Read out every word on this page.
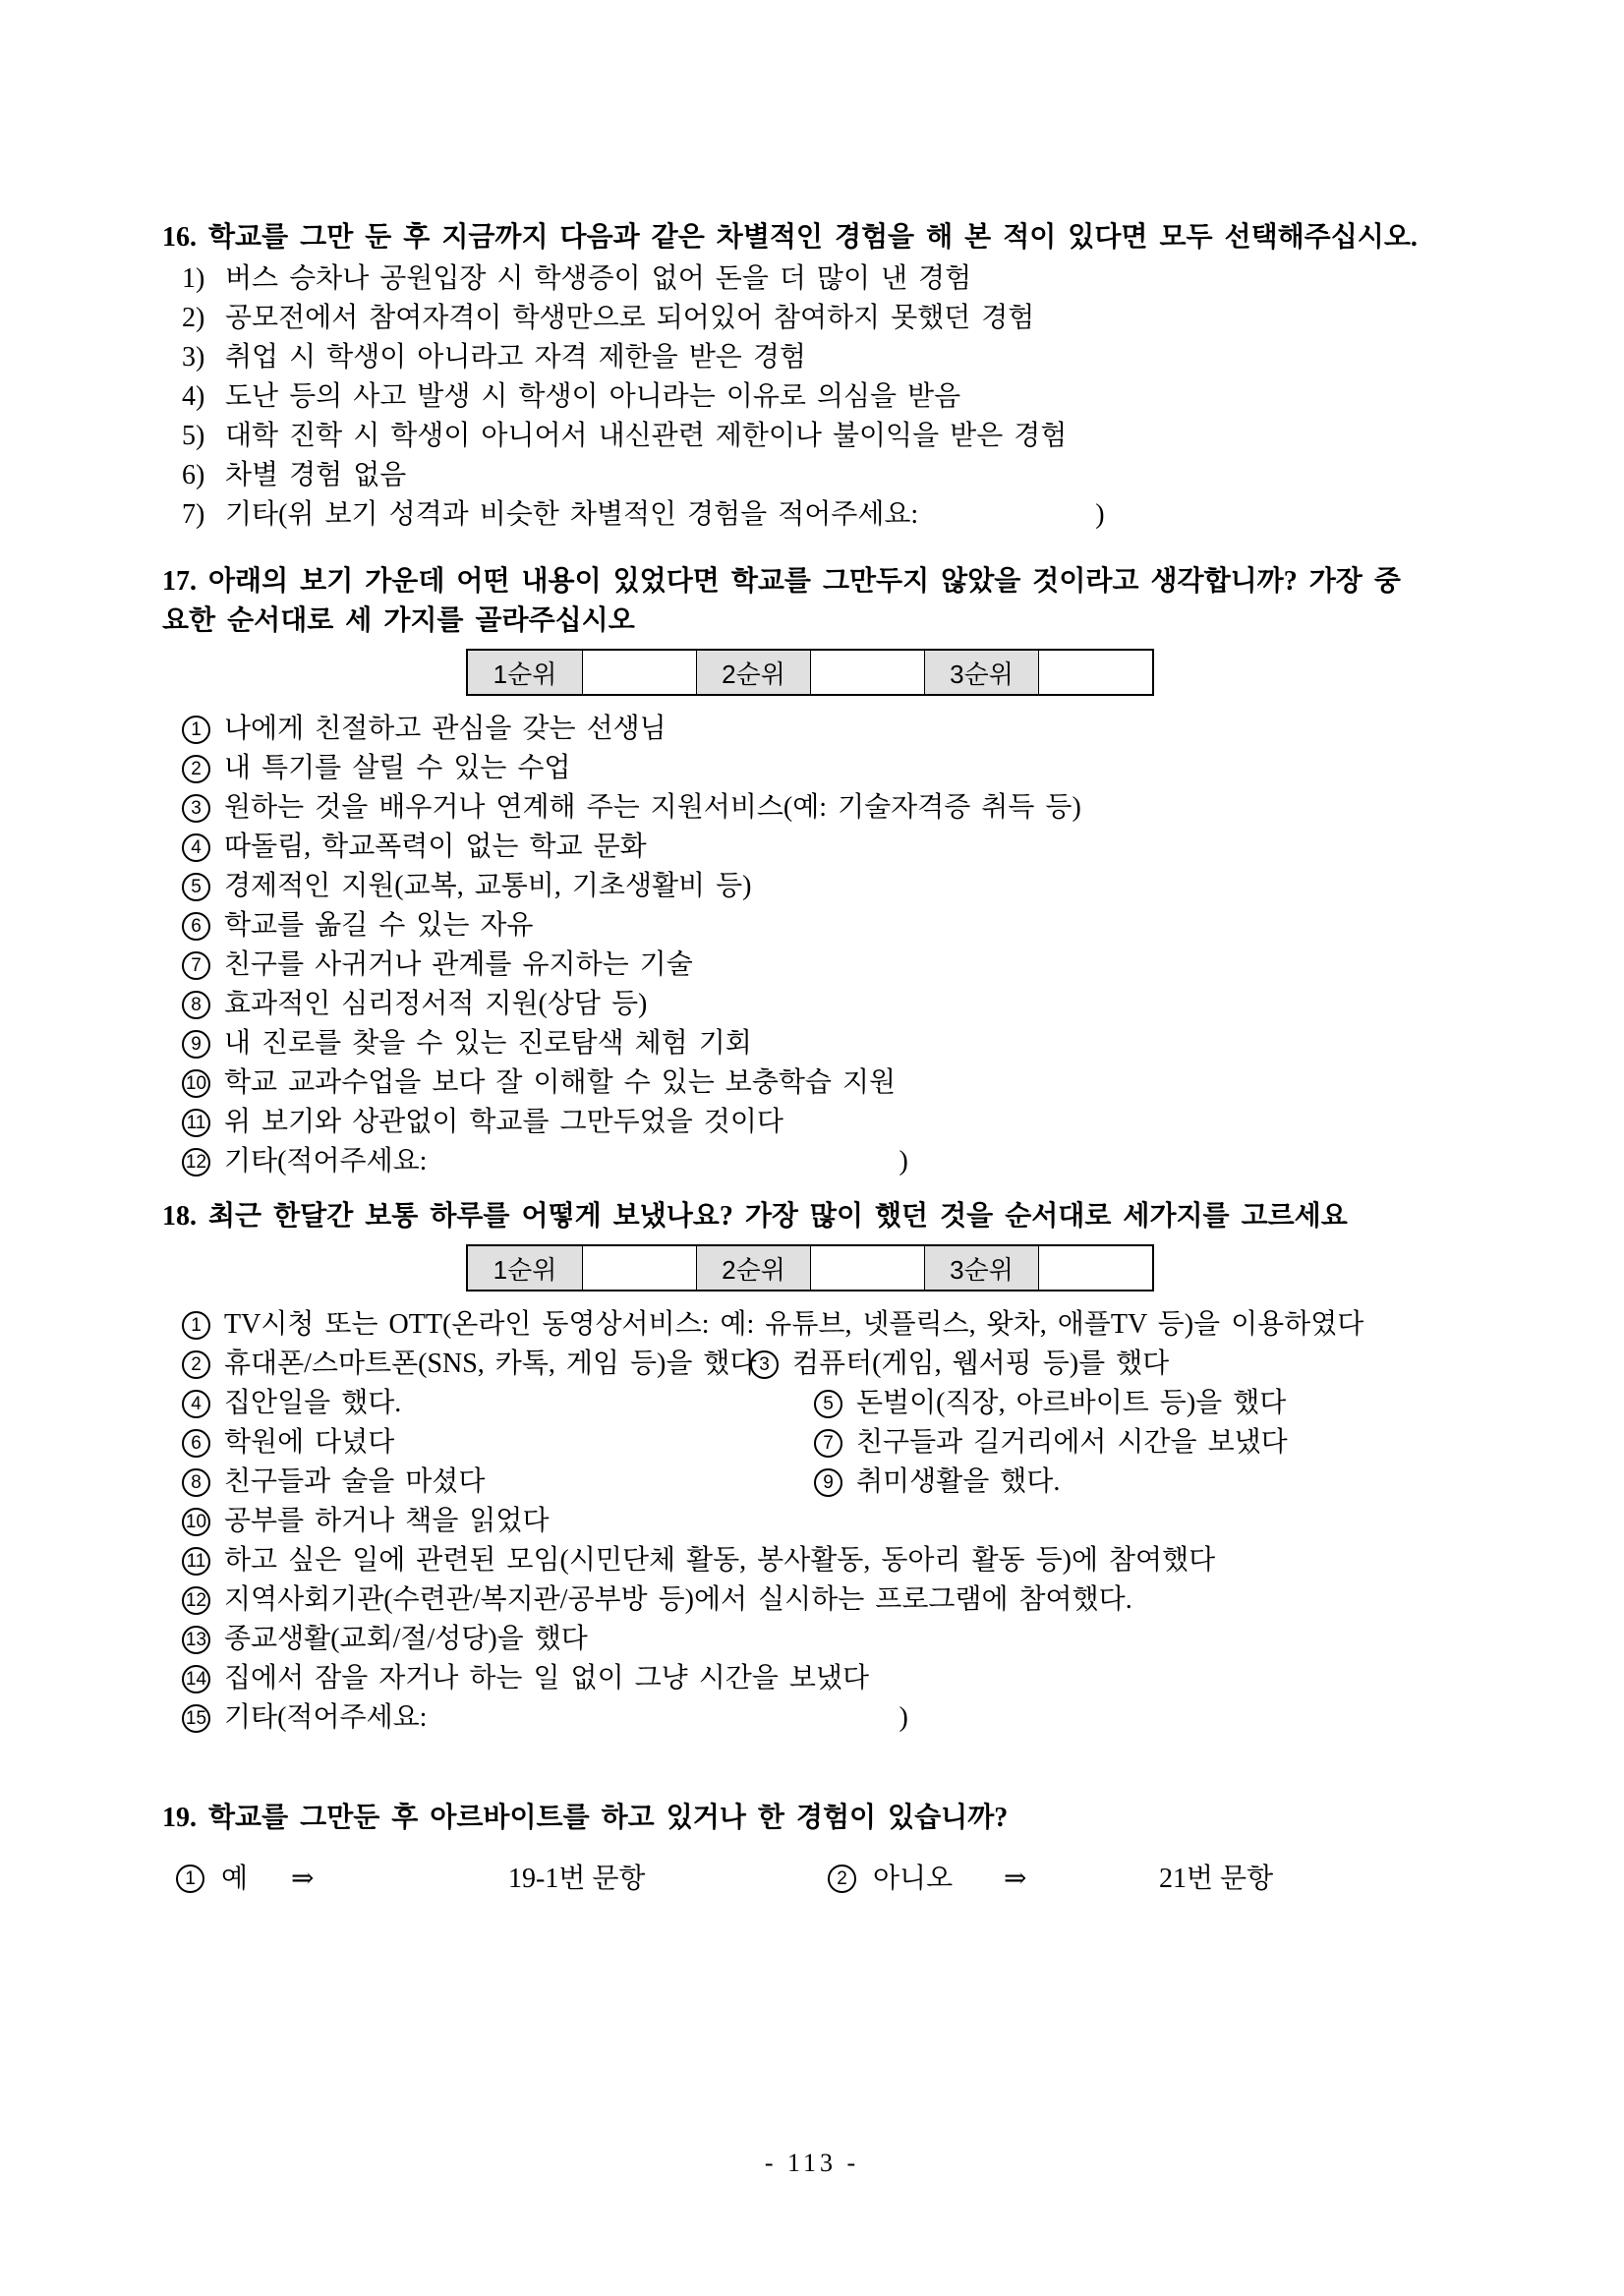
16. 학교를 그만 둔 후 지금까지 다음과 같은 차별적인 경험을 해 본 적이 있다면 모두 선택해주십시오.
1) 버스 승차나 공원입장 시 학생증이 없어 돈을 더 많이 낸 경험
2) 공모전에서 참여자격이 학생만으로 되어있어 참여하지 못했던 경험
3) 취업 시 학생이 아니라고 자격 제한을 받은 경험
4) 도난 등의 사고 발생 시 학생이 아니라는 이유로 의심을 받음
5) 대학 진학 시 학생이 아니어서 내신관련 제한이나 불이익을 받은 경험
6) 차별 경험 없음
7) 기타(위 보기 성격과 비슷한 차별적인 경험을 적어주세요:	)
17. 아래의 보기 가운데 어떤 내용이 있었다면 학교를 그만두지 않았을 것이라고 생각합니까? 가장 중
요한 순서대로 세 가지를 골라주십시오
1순위	2순위	3순위
1 나에게 친절하고 관심을 갖는 선생님
2 내 특기를 살릴 수 있는 수업
3 원하는 것을 배우거나 연계해 주는 지원서비스(예: 기술자격증 취득 등)
4 따돌림, 학교폭력이 없는 학교 문화
5 경제적인 지원(교복, 교통비, 기초생활비 등)
6 학교를 옮길 수 있는 자유
7 친구를 사귀거나 관계를 유지하는 기술
8 효과적인 심리정서적 지원(상담 등)
9 내 진로를 찾을 수 있는 진로탐색 체험 기회
10 학교 교과수업을 보다 잘 이해할 수 있는 보충학습 지원
11 위 보기와 상관없이 학교를 그만두었을 것이다
12 기타(적어주세요:	)
18. 최근 한달간 보통 하루를 어떻게 보냈나요? 가장 많이 했던 것을 순서대로 세가지를 고르세요
1순위	2순위	3순위
1 TV시청 또는 OTT(온라인 동영상서비스: 예: 유튜브, 넷플릭스, 왓차, 애플TV 등)을 이용하였다
2 휴대폰/스마트폰(SNS, 카톡, 게임 등)을 했다 3 컴퓨터(게임, 웹서핑 등)를 했다
4 집안일을 했다.	5 돈벌이(직장, 아르바이트 등)을 했다
6 학원에 다녔다	7 친구들과 길거리에서 시간을 보냈다
8 친구들과 술을 마셨다	9 취미생활을 했다.
10 공부를 하거나 책을 읽었다
11 하고 싶은 일에 관련된 모임(시민단체 활동, 봉사활동, 동아리 활동 등)에 참여했다
12 지역사회기관(수련관/복지관/공부방 등)에서 실시하는 프로그램에 참여했다.
13 종교생활(교회/절/성당)을 했다
14 집에서 잠을 자거나 하는 일 없이 그냥 시간을 보냈다
15 기타(적어주세요:	)
19. 학교를 그만둔 후 아르바이트를 하고 있거나 한 경험이 있습니까?
1 예 ⇒	19-1번 문항	2 아니오 ⇒	21번 문항
- 113 -
